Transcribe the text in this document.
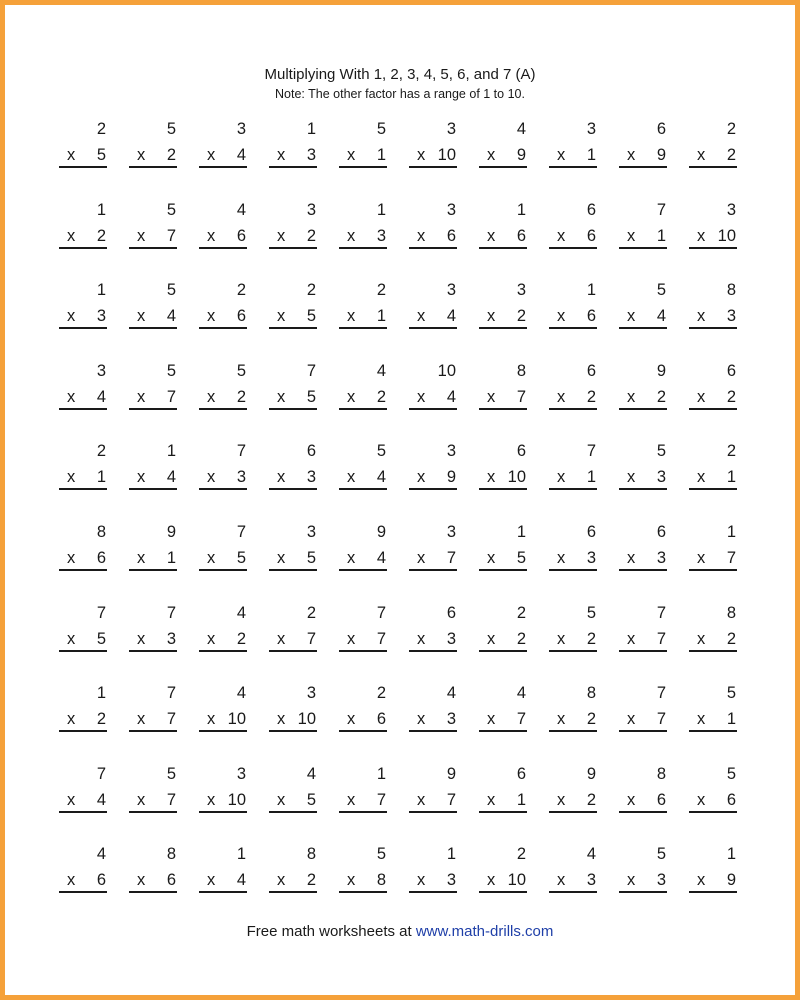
Multiplying With 1, 2, 3, 4, 5, 6, and 7 (A)
Note: The other factor has a range of 1 to 10.
2
x 5
5
x 2
3
x 4
1
x 3
5
x 1
3
x 10
4
x 9
3
x 1
6
x 9
2
x 2
1
x 2
5
x 7
4
x 6
3
x 2
1
x 3
3
x 6
1
x 6
6
x 6
7
x 1
3
x 10
1
x 3
5
x 4
2
x 6
2
x 5
2
x 1
3
x 4
3
x 2
1
x 6
5
x 4
8
x 3
3
x 4
5
x 7
5
x 2
7
x 5
4
x 2
10
x 4
8
x 7
6
x 2
9
x 2
6
x 2
2
x 1
1
x 4
7
x 3
6
x 3
5
x 4
3
x 9
6
x 10
7
x 1
5
x 3
2
x 1
8
x 6
9
x 1
7
x 5
3
x 5
9
x 4
3
x 7
1
x 5
6
x 3
6
x 3
1
x 7
7
x 5
7
x 3
4
x 2
2
x 7
7
x 7
6
x 3
2
x 2
5
x 2
7
x 7
8
x 2
1
x 2
7
x 7
4
x 10
3
x 10
2
x 6
4
x 3
4
x 7
8
x 2
7
x 7
5
x 1
7
x 4
5
x 7
3
x 10
4
x 5
1
x 7
9
x 7
6
x 1
9
x 2
8
x 6
5
x 6
4
x 6
8
x 6
1
x 4
8
x 2
5
x 8
1
x 3
2
x 10
4
x 3
5
x 3
1
x 9
Free math worksheets at www.math-drills.com
